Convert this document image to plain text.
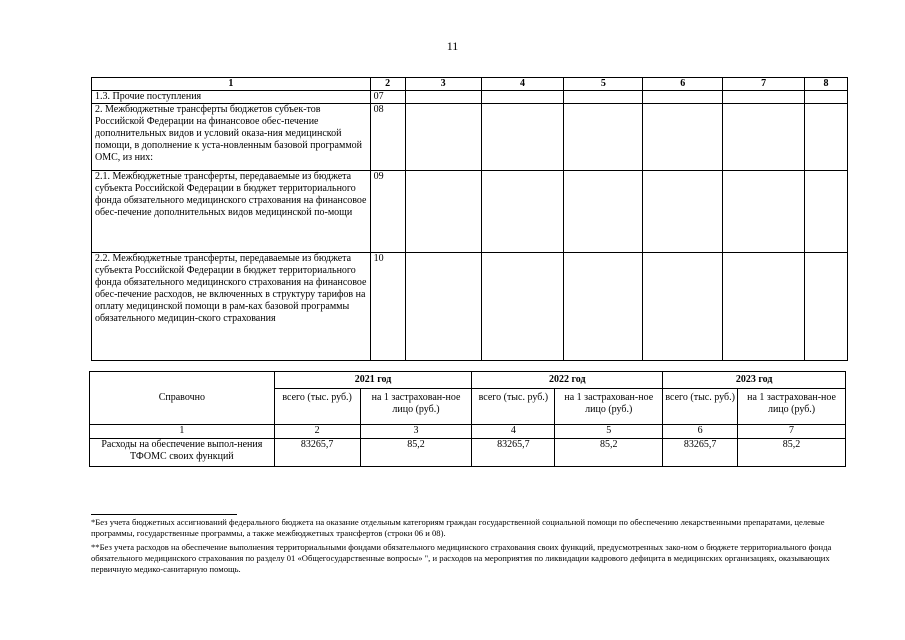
11
1	2	3	4	5	6	7	8
1.3. Прочие поступления	07						
2. Межбюджетные трансферты бюджетов субъек-тов Российской Федерации на финансовое обес-печение дополнительных видов и условий оказа-ния медицинской помощи, в дополнение к уста-новленным базовой программой ОМС, из них:	08						
2.1. Межбюджетные трансферты, передаваемые из бюджета субъекта Российской Федерации в бюджет территориального фонда обязательного медицинского страхования на финансовое обес-печение дополнительных видов медицинской по-мощи	09						
2.2. Межбюджетные трансферты, передаваемые из бюджета субъекта Российской Федерации в бюджет территориального фонда обязательного медицинского страхования на финансовое обес-печение расходов, не включенных в структуру тарифов на оплату медицинской помощи в рам-ках базовой программы обязательного медицин-ского страхования	10						
Справочно	2021 год		2022 год		2023 год	
	всего (тыс. руб.)	на 1 застрахован-ное лицо (руб.)	всего (тыс. руб.)	на 1 застрахован-ное лицо (руб.)	всего (тыс. руб.)	на 1 застрахован-ное лицо (руб.)
1	2	3	4	5	6	7
Расходы на обеспечение выпол-нения ТФОМС своих функций	83265,7	85,2	83265,7	85,2	83265,7	85,2
*Без учета бюджетных ассигнований федерального бюджета на оказание отдельным категориям граждан государственной социальной помощи по обеспечению лекарственными препаратами, целевые программы, государственные программы, а также межбюджетных трансфертов (строки 06 и 08).
**Без учета расходов на обеспечение выполнения территориальными фондами обязательного медицинского страхования своих функций, предусмотренных зако-ном о бюджете территориального фонда обязательного медицинского страхования по разделу 01 «Общегосударственные вопросы» ", и расходов на мероприятия по ликвидации кадрового дефицита в медицинских организациях, оказывающих первичную медико-санитарную помощь.
